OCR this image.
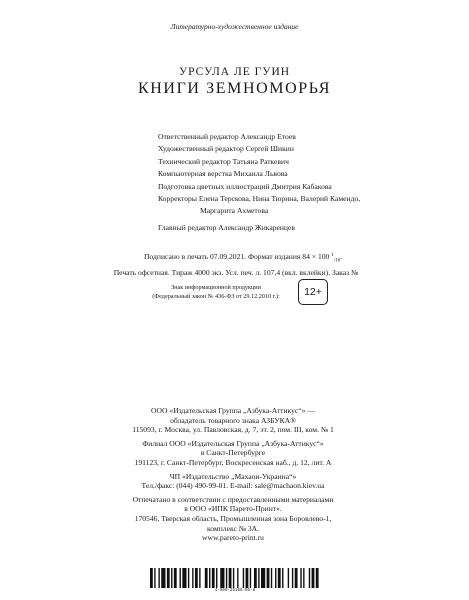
Литературно-художественное издание
УРСУЛА ЛЕ ГУИН
КНИГИ ЗЕМНОМОРЬЯ
Ответственный редактор Александр Етоев
Художественный редактор Сергей Шикин
Технический редактор Татьяна Раткевич
Компьютерная верстка Михаила Львова
Подготовка цветных иллюстраций Дмитрия Кабакова
Корректоры Елена Терскова, Нина Тюрина, Валерий Камендо,
Маргарита Ахметова
Главный редактор Александр Жикаренцев
Подписано в печать 07.09.2021. Формат издания 84 × 100 $^1_{/16}$.
Печать офсетная. Тираж 4000 экз. Усл. печ. л. 107,4 (вкл. вклейки). Заказ №
Знак информационной продукции
(Федеральный закон № 436-ФЗ от 29.12.2010 г.):	12+
ООО «Издательская Группа „Азбука-Аттикус“» —
обладатель товарного знака АЗБУКА®
115093, г. Москва, ул. Павловская, д. 7, эт. 2, пом. III, ком. № 1
Филиал ООО «Издательская Группа „Азбука-Аттикус“»
в Санкт-Петербурге
191123, г. Санкт-Петербург, Воскресенская наб., д. 12, лит. А
ЧП «Издательство „Махаон-Украина“»
Тел./факс: (044) 490-99-01. E-mail: sale@machaon.kiev.ua
Отпечатано в соответствии с предоставленными материалами
в ООО «ИПК Парето-Принт».
170546, Тверская область, Промышленная зона Боровлево-1,
комплекс № 3А.
www.pareto-print.ru
4-900-25165-85-8
